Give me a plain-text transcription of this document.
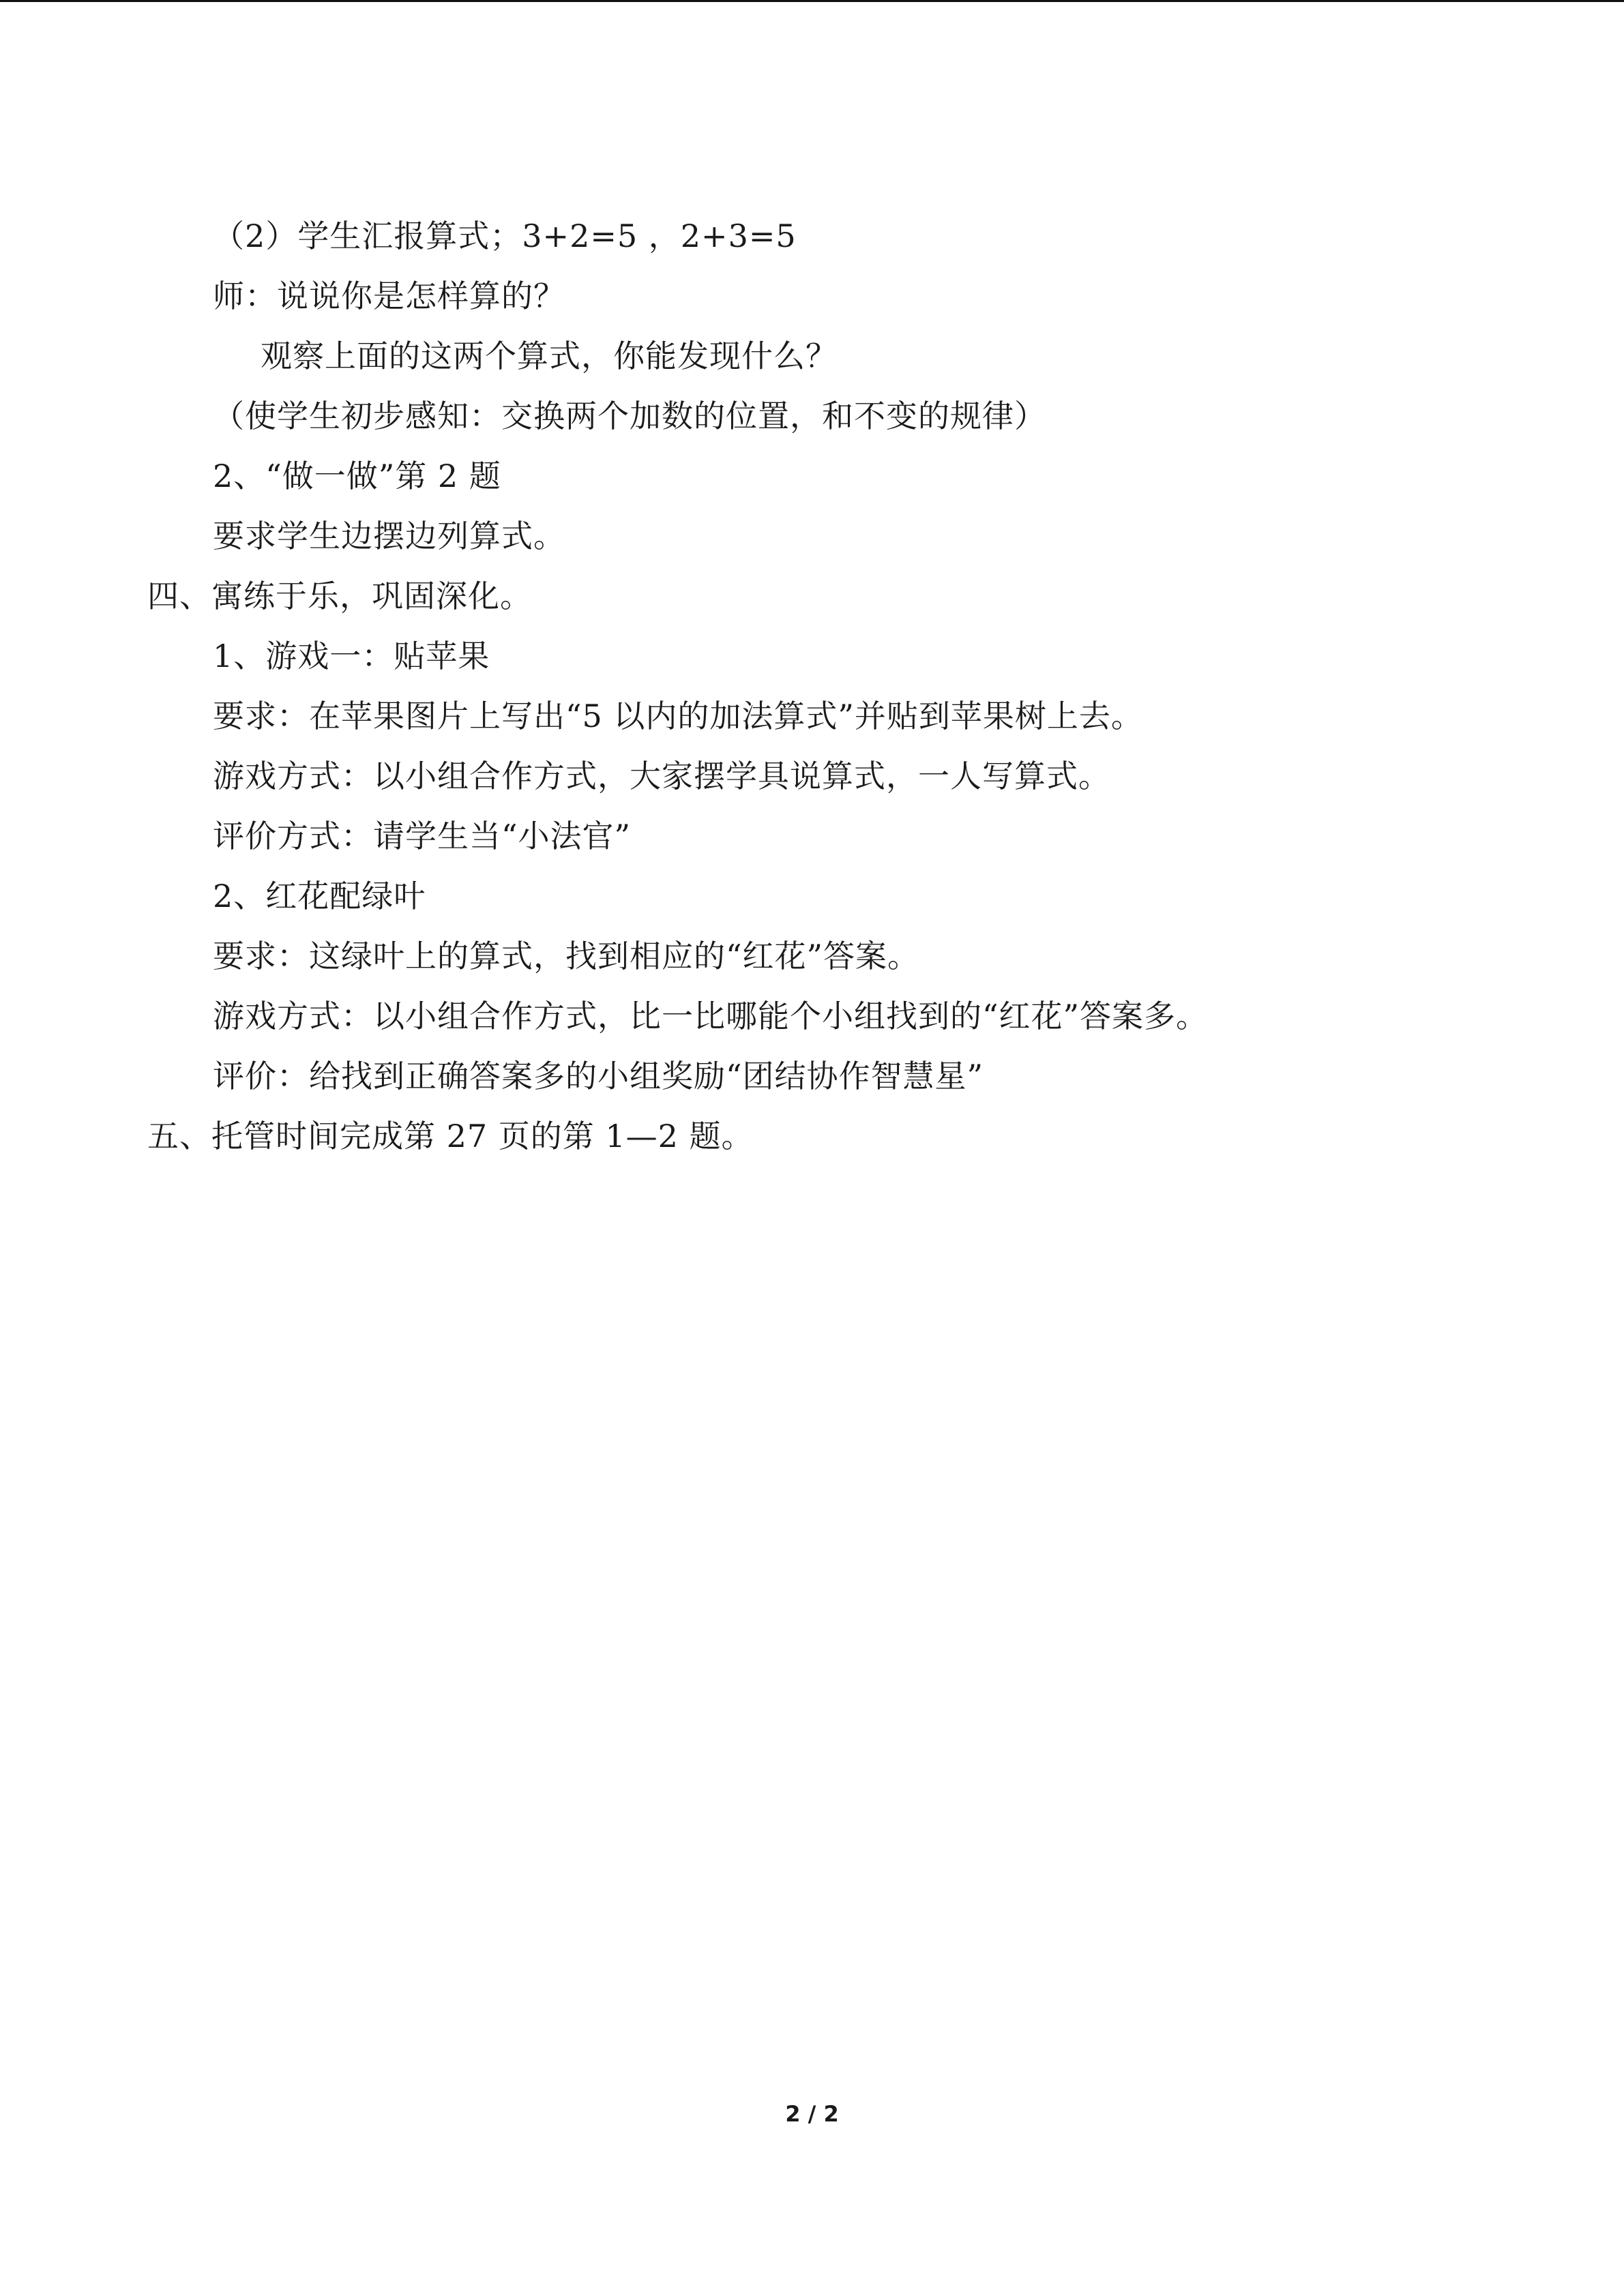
（2）学生汇报算式；3+2=5 ，2+3=5
师：说说你是怎样算的？
观察上面的这两个算式，你能发现什么？
（使学生初步感知：交换两个加数的位置，和不变的规律）
2、“做一做”第 2 题
要求学生边摆边列算式。
四、寓练于乐，巩固深化。
1、游戏一：贴苹果
要求：在苹果图片上写出“5 以内的加法算式”并贴到苹果树上去。
游戏方式：以小组合作方式，大家摆学具说算式，一人写算式。
评价方式：请学生当“小法官”
2、红花配绿叶
要求：这绿叶上的算式，找到相应的“红花”答案。
游戏方式：以小组合作方式，比一比哪能个小组找到的“红花”答案多。
评价：给找到正确答案多的小组奖励“团结协作智慧星”
五、托管时间完成第 27 页的第 1—2 题。
2 / 2
